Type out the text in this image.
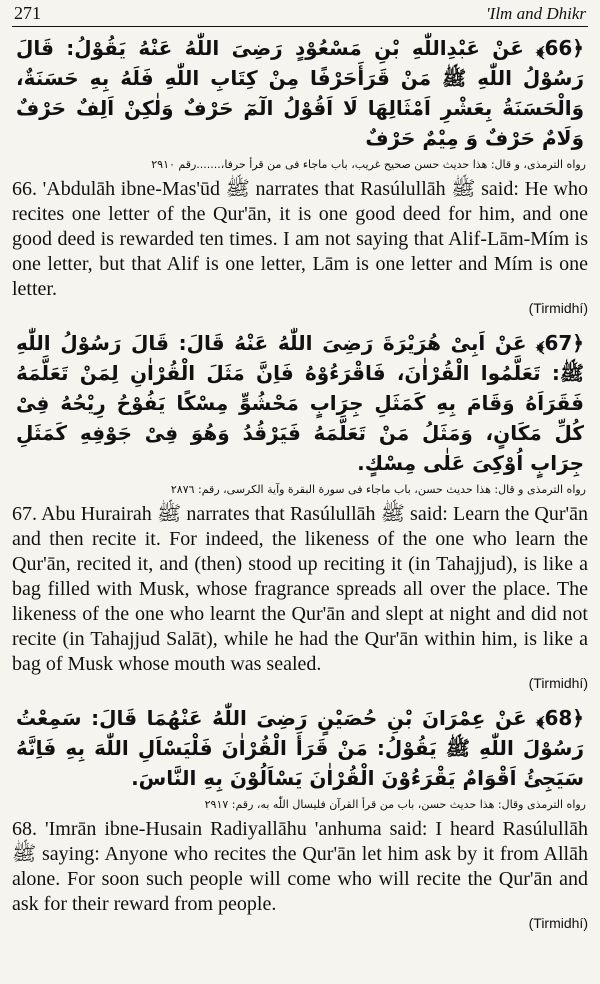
271	'Ilm and Dhikr

﴿66﴾ عَنْ عَبْدِاللّٰهِ بْنِ مَسْعُوْدٍ رَضِىَ اللّٰهُ عَنْهُ يَقُوْلُ: قَالَ رَسُوْلُ اللّٰهِ ﷺ مَنْ قَرَأَحَرْفًا مِنْ كِتَابِ اللّٰهِ فَلَهُ بِهِ حَسَنَةٌ، وَالْحَسَنَةُ بِعَشْرِ اَمْثَالِهَا لَا اَقُوْلُ الٓمٓ حَرْفٌ وَلٰكِنْ اَلِفٌ حَرْفٌ وَلَامٌ حَرْفٌ وَ مِيْمٌ حَرْفٌ

رواه الترمذى، و قال: هذا حديث حسن صحيح غريب، باب ماجاء فى من قرأ حرفا،.......رقم ٢٩١٠

66. 'Abdulāh ibne-Mas'ūd ﷺ narrates that Rasúlullāh ﷺ said: He who recites one letter of the Qur'ān, it is one good deed for him, and one good deed is rewarded ten times. I am not saying that Alif-Lām-Mím is one letter, but that Alif is one letter, Lām is one letter and Mím is one letter.
(Tirmidhí)

﴿67﴾ عَنْ اَبِىْ هُرَيْرَةَ رَضِىَ اللّٰهُ عَنْهُ قَالَ: قَالَ رَسُوْلُ اللّٰهِ ﷺ: تَعَلَّمُوا الْقُرْاٰنَ، فَاقْرَءُوْهُ فَاِنَّ مَثَلَ الْقُرْاٰنِ لِمَنْ تَعَلَّمَهُ فَقَرَاَهُ وَقَامَ بِهِ كَمَثَلِ جِرَابٍ مَحْشُوٍّ مِسْكًا يَفُوْحُ رِيْحُهُ فِىْ كُلِّ مَكَانٍ، وَمَثَلُ مَنْ تَعَلَّمَهُ فَيَرْقُدُ وَهُوَ فِىْ جَوْفِهِ كَمَثَلِ جِرَابٍ اُوْكِىَ عَلٰى مِسْكٍ.

رواه الترمذى و قال: هذا حديث حسن، باب ماجاء فى سورة البقرة وآية الكرسى، رقم: ٢٨٧٦

67. Abu Hurairah ﷺ narrates that Rasúlullāh ﷺ said: Learn the Qur'ān and then recite it. For indeed, the likeness of the one who learn the Qur'ān, recited it, and (then) stood up reciting it (in Tahajjud), is like a bag filled with Musk, whose fragrance spreads all over the place. The likeness of the one who learnt the Qur'ān and slept at night and did not recite (in Tahajjud Salāt), while he had the Qur'ān within him, is like a bag of Musk whose mouth was sealed.
(Tirmidhí)

﴿68﴾ عَنْ عِمْرَانَ بْنِ حُصَيْنٍ رَضِىَ اللّٰهُ عَنْهُمَا قَالَ: سَمِعْتُ رَسُوْلَ اللّٰهِ ﷺ يَقُوْلُ: مَنْ قَرَأَ الْقُرْاٰنَ فَلْيَسْاَلِ اللّٰهَ بِهِ فَاِنَّهُ سَيَجِئُ اَقْوَامٌ يَقْرَءُوْنَ الْقُرْاٰنَ يَسْاَلُوْنَ بِهِ النَّاسَ.

رواه الترمذى وقال: هذا حديث حسن، باب من قرأ القرآن فليسال اللّٰه به، رقم: ٢٩١٧

68. 'Imrān ibne-Husain Radiyallāhu 'anhuma said: I heard Rasúlullāh ﷺ saying: Anyone who recites the Qur'ān let him ask by it from Allāh alone. For soon such people will come who will recite the Qur'ān and ask for their reward from people.
(Tirmidhí)
